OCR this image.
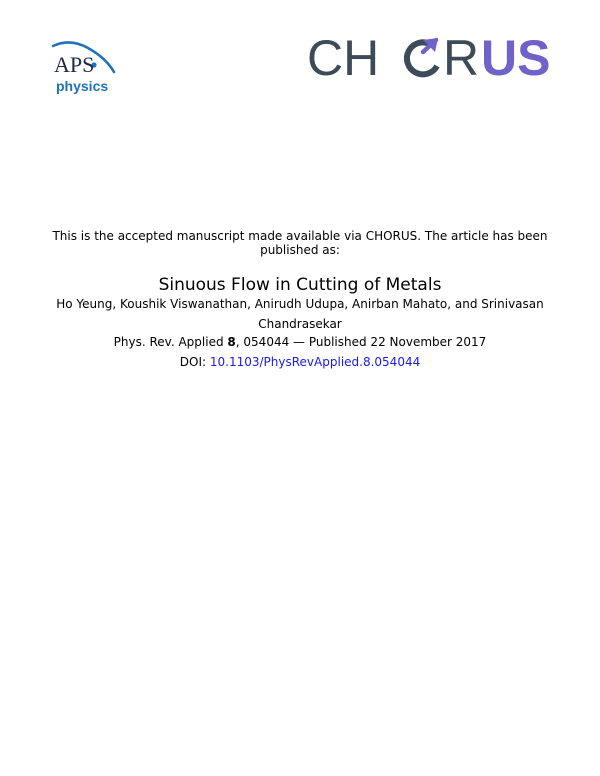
APS
physics	CH R US
This is the accepted manuscript made available via CHORUS. The article has been published as:
Sinuous Flow in Cutting of Metals
Ho Yeung, Koushik Viswanathan, Anirudh Udupa, Anirban Mahato, and Srinivasan Chandrasekar
Phys. Rev. Applied 8, 054044 — Published 22 November 2017
DOI: 10.1103/PhysRevApplied.8.054044
